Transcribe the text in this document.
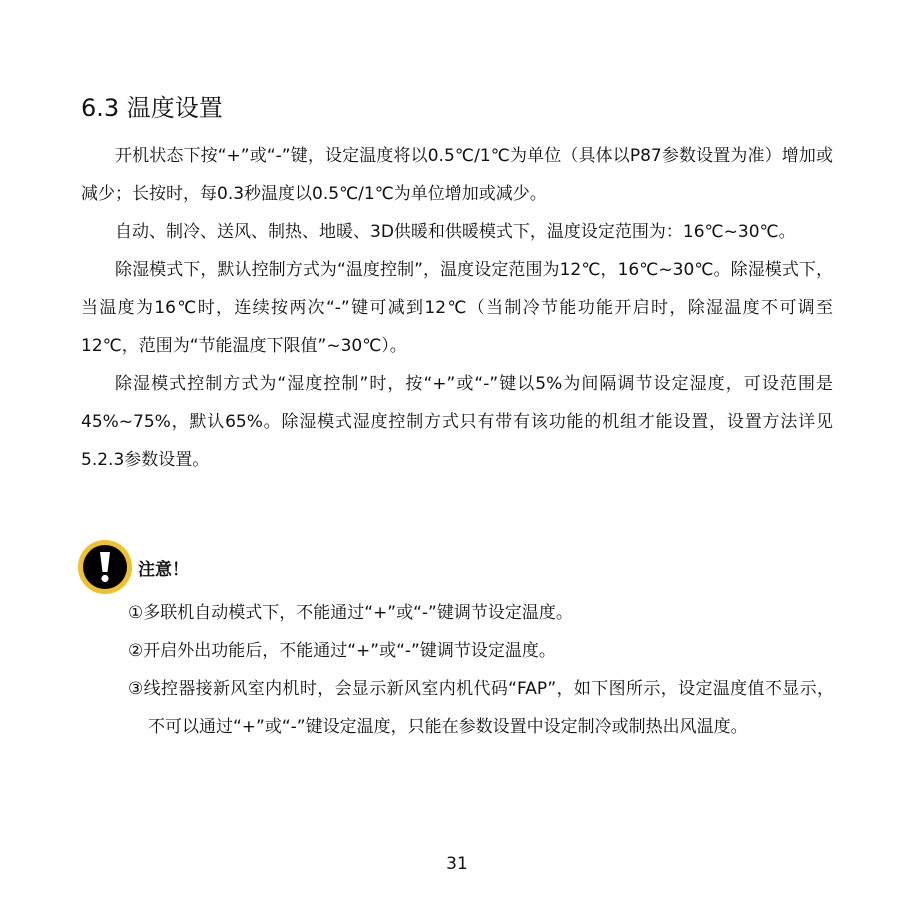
6.3 温度设置

开机状态下按“+”或“-”键，设定温度将以0.5℃/1℃为单位（具体以P87参数设置为准）增加或减少；长按时，每0.3秒温度以0.5℃/1℃为单位增加或减少。

自动、制冷、送风、制热、地暖、3D供暖和供暖模式下，温度设定范围为：16℃~30℃。

除湿模式下，默认控制方式为“温度控制”，温度设定范围为12℃，16℃~30℃。除湿模式下，当温度为16℃时，连续按两次“-”键可减到12℃（当制冷节能功能开启时，除湿温度不可调至12℃，范围为“节能温度下限值”~30℃）。

除湿模式控制方式为“湿度控制”时，按“+”或“-”键以5%为间隔调节设定湿度，可设范围是45%~75%，默认65%。除湿模式湿度控制方式只有带有该功能的机组才能设置，设置方法详见5.2.3参数设置。

注意！

①多联机自动模式下，不能通过“+”或“-”键调节设定温度。

②开启外出功能后，不能通过“+”或“-”键调节设定温度。

③线控器接新风室内机时，会显示新风室内机代码“FAP”，如下图所示，设定温度值不显示，不可以通过“+”或“-”键设定温度，只能在参数设置中设定制冷或制热出风温度。

31
